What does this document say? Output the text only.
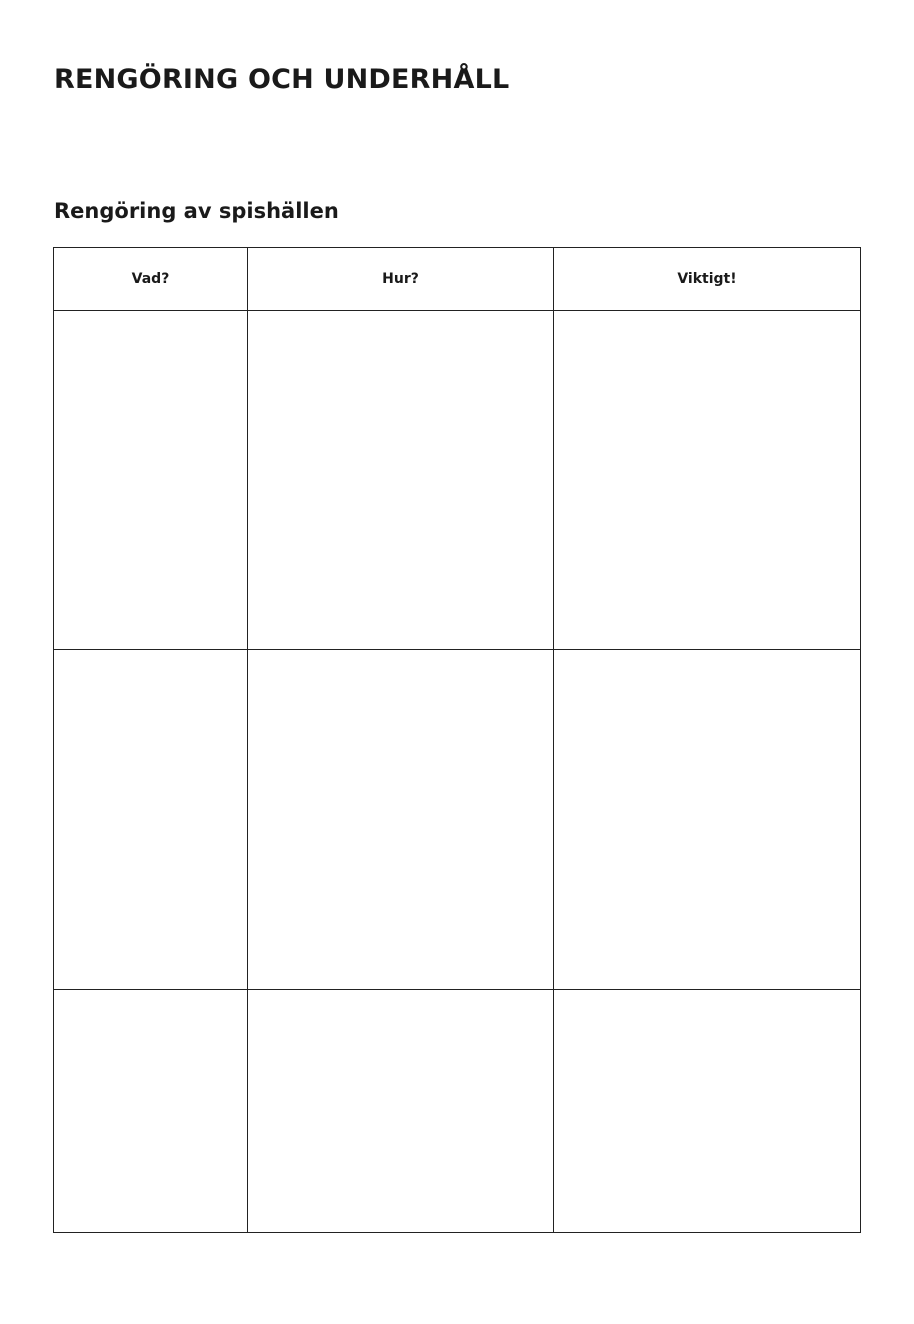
RENGÖRING OCH UNDERHÅLL
Rengöring av spishällen
Vad?	Hur?	Viktigt!
